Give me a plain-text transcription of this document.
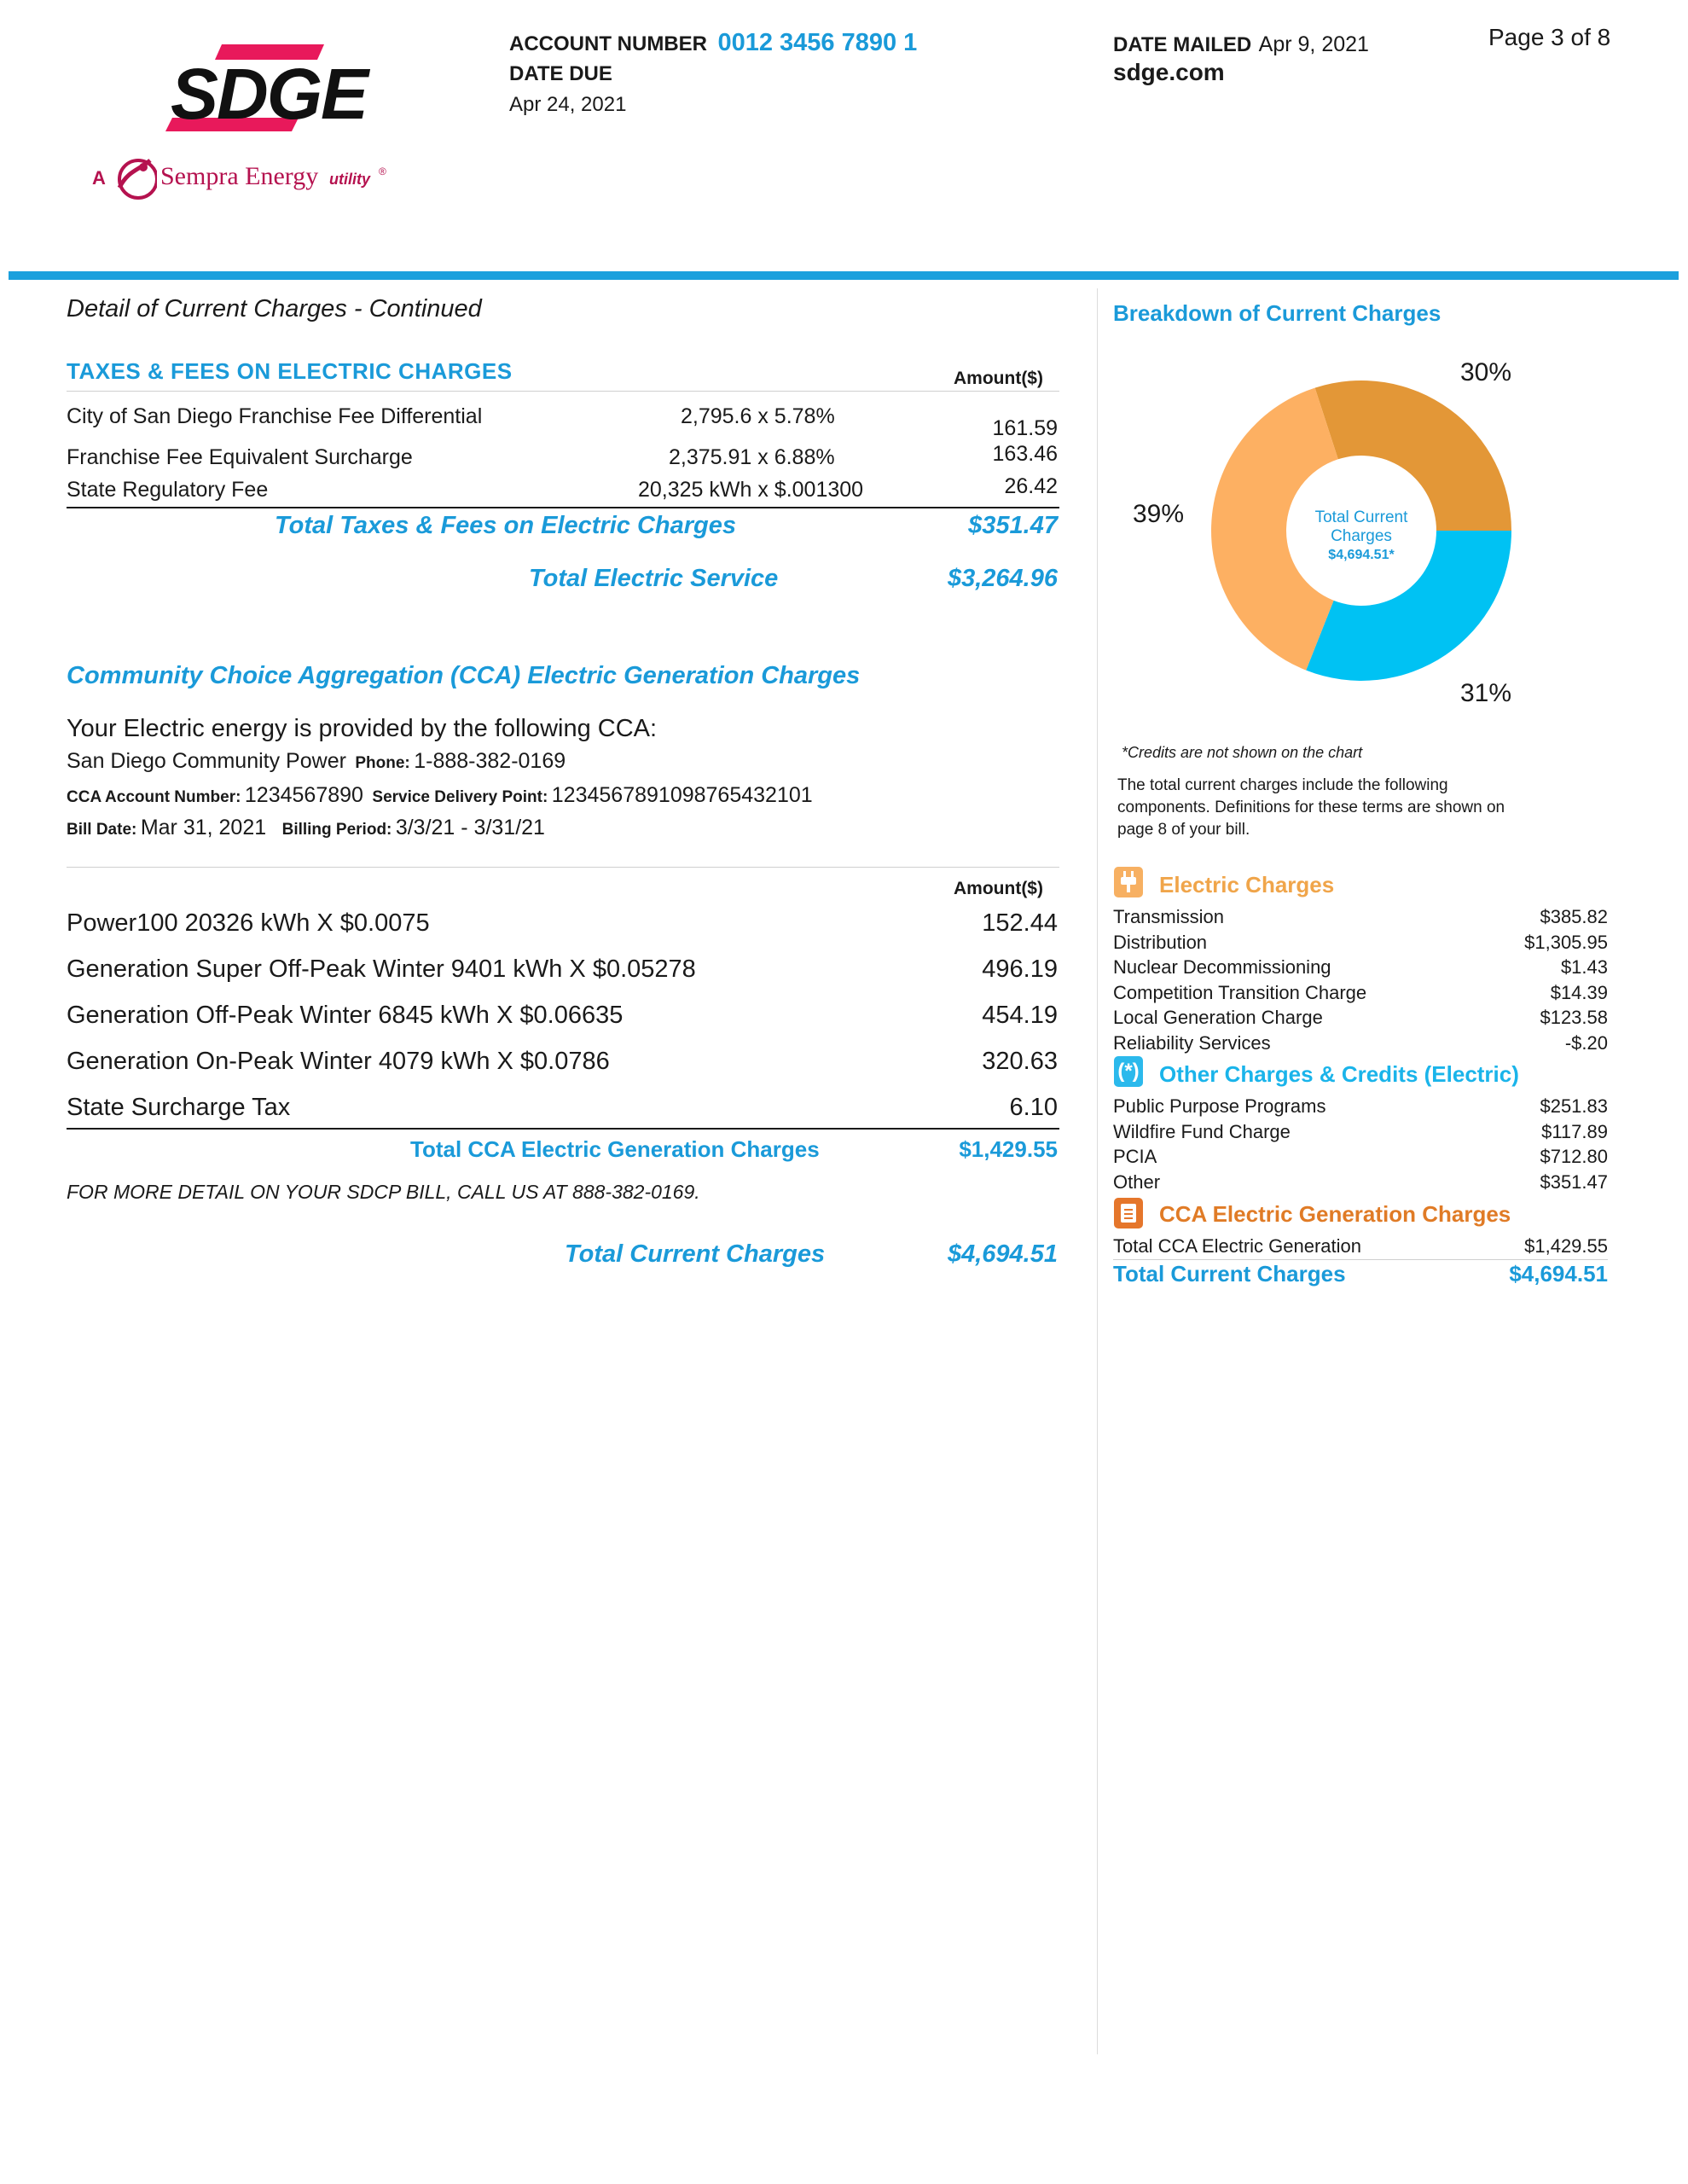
SDGE
A Sempra Energy utility ®
ACCOUNT NUMBER 0012 3456 7890 1
DATE DUE
Apr 24, 2021
DATE MAILED Apr 9, 2021
sdge.com
Page 3 of 8
Detail of Current Charges - Continued
TAXES & FEES ON ELECTRIC CHARGES	Amount($)
City of San Diego Franchise Fee Differential	2,795.6 x 5.78%	161.59
Franchise Fee Equivalent Surcharge	2,375.91 x 6.88%	163.46
State Regulatory Fee	20,325 kWh x $.001300	26.42
Total Taxes & Fees on Electric Charges	$351.47
Total Electric Service	$3,264.96
Community Choice Aggregation (CCA) Electric Generation Charges
Your Electric energy is provided by the following CCA:
San Diego Community Power Phone: 1-888-382-0169
CCA Account Number: 1234567890 Service Delivery Point: 1234567891098765432101
Bill Date: Mar 31, 2021 Billing Period: 3/3/21 - 3/31/21
Amount($)
Power100 20326 kWh X $0.0075	152.44
Generation Super Off-Peak Winter 9401 kWh X $0.05278	496.19
Generation Off-Peak Winter 6845 kWh X $0.06635	454.19
Generation On-Peak Winter 4079 kWh X $0.0786	320.63
State Surcharge Tax	6.10
Total CCA Electric Generation Charges	$1,429.55
FOR MORE DETAIL ON YOUR SDCP BILL, CALL US AT 888-382-0169.
Total Current Charges	$4,694.51
Breakdown of Current Charges
Total Current
Charges
$4,694.51*
30%
39%
31%
*Credits are not shown on the chart
The total current charges include the following components. Definitions for these terms are shown on page 8 of your bill.
Electric Charges
Transmission	$385.82
Distribution	$1,305.95
Nuclear Decommissioning	$1.43
Competition Transition Charge	$14.39
Local Generation Charge	$123.58
Reliability Services	-$.20
(*) Other Charges & Credits (Electric)
Public Purpose Programs	$251.83
Wildfire Fund Charge	$117.89
PCIA	$712.80
Other	$351.47
CCA Electric Generation Charges
Total CCA Electric Generation	$1,429.55
Total Current Charges	$4,694.51
